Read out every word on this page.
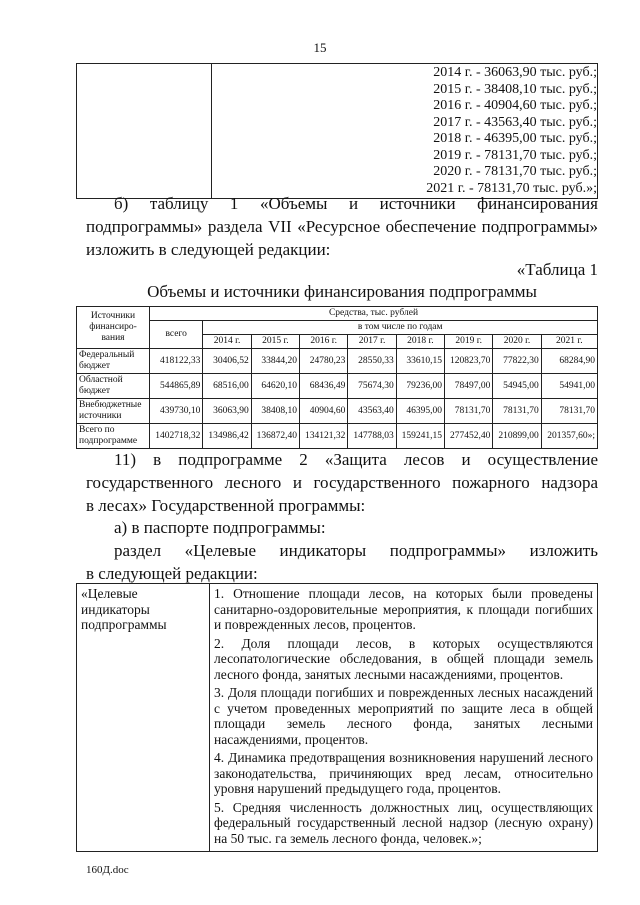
15

2014 г. - 36063,90 тыс. руб.;
2015 г. - 38408,10 тыс. руб.;
2016 г. - 40904,60 тыс. руб.;
2017 г. - 43563,40 тыс. руб.;
2018 г. - 46395,00 тыс. руб.;
2019 г. - 78131,70 тыс. руб.;
2020 г. - 78131,70 тыс. руб.;
2021 г. - 78131,70 тыс. руб.»;
б) таблицу 1 «Объемы и источники финансирования
подпрограммы» раздела VII «Ресурсное обеспечение подпрограммы»
изложить в следующей редакции:
«Таблица 1
Объемы и источники финансирования подпрограммы
Источники финансиро-вания	Средства, тыс. рублей								
	всего	в том числе по годам							
		2014 г.	2015 г.	2016 г.	2017 г.	2018 г.	2019 г.	2020 г.	2021 г.
Федеральный бюджет	418122,33	30406,52	33844,20	24780,23	28550,33	33610,15	120823,70	77822,30	68284,90
Областной бюджет	544865,89	68516,00	64620,10	68436,49	75674,30	79236,00	78497,00	54945,00	54941,00
Внебюджетные источники	439730,10	36063,90	38408,10	40904,60	43563,40	46395,00	78131,70	78131,70	78131,70
Всего по подпрограмме	1402718,32	134986,42	136872,40	134121,32	147788,03	159241,15	277452,40	210899,00	201357,60»;
11) в подпрограмме 2 «Защита лесов и осуществление
государственного лесного и государственного пожарного надзора
в лесах» Государственной программы:
а) в паспорте подпрограммы:
раздел «Целевые индикаторы подпрограммы» изложить
в следующей редакции:
«Целевые индикаторы подпрограммы	
1. Отношение площади лесов, на которых были проведены санитарно-оздоровительные мероприятия, к площади погибших и поврежденных лесов, процентов.
2. Доля площади лесов, в которых осуществляются лесопатологические обследования, в общей площади земель лесного фонда, занятых лесными насаждениями, процентов.
3. Доля площади погибших и поврежденных лесных насаждений с учетом проведенных мероприятий по защите леса в общей площади земель лесного фонда, занятых лесными насаждениями, процентов.
4. Динамика предотвращения возникновения нарушений лесного законодательства, причиняющих вред лесам, относительно уровня нарушений предыдущего года, процентов.
5. Средняя численность должностных лиц, осуществляющих федеральный государственный лесной надзор (лесную охрану) на 50 тыс. га земель лесного фонда, человек.»;
160Д.doc
